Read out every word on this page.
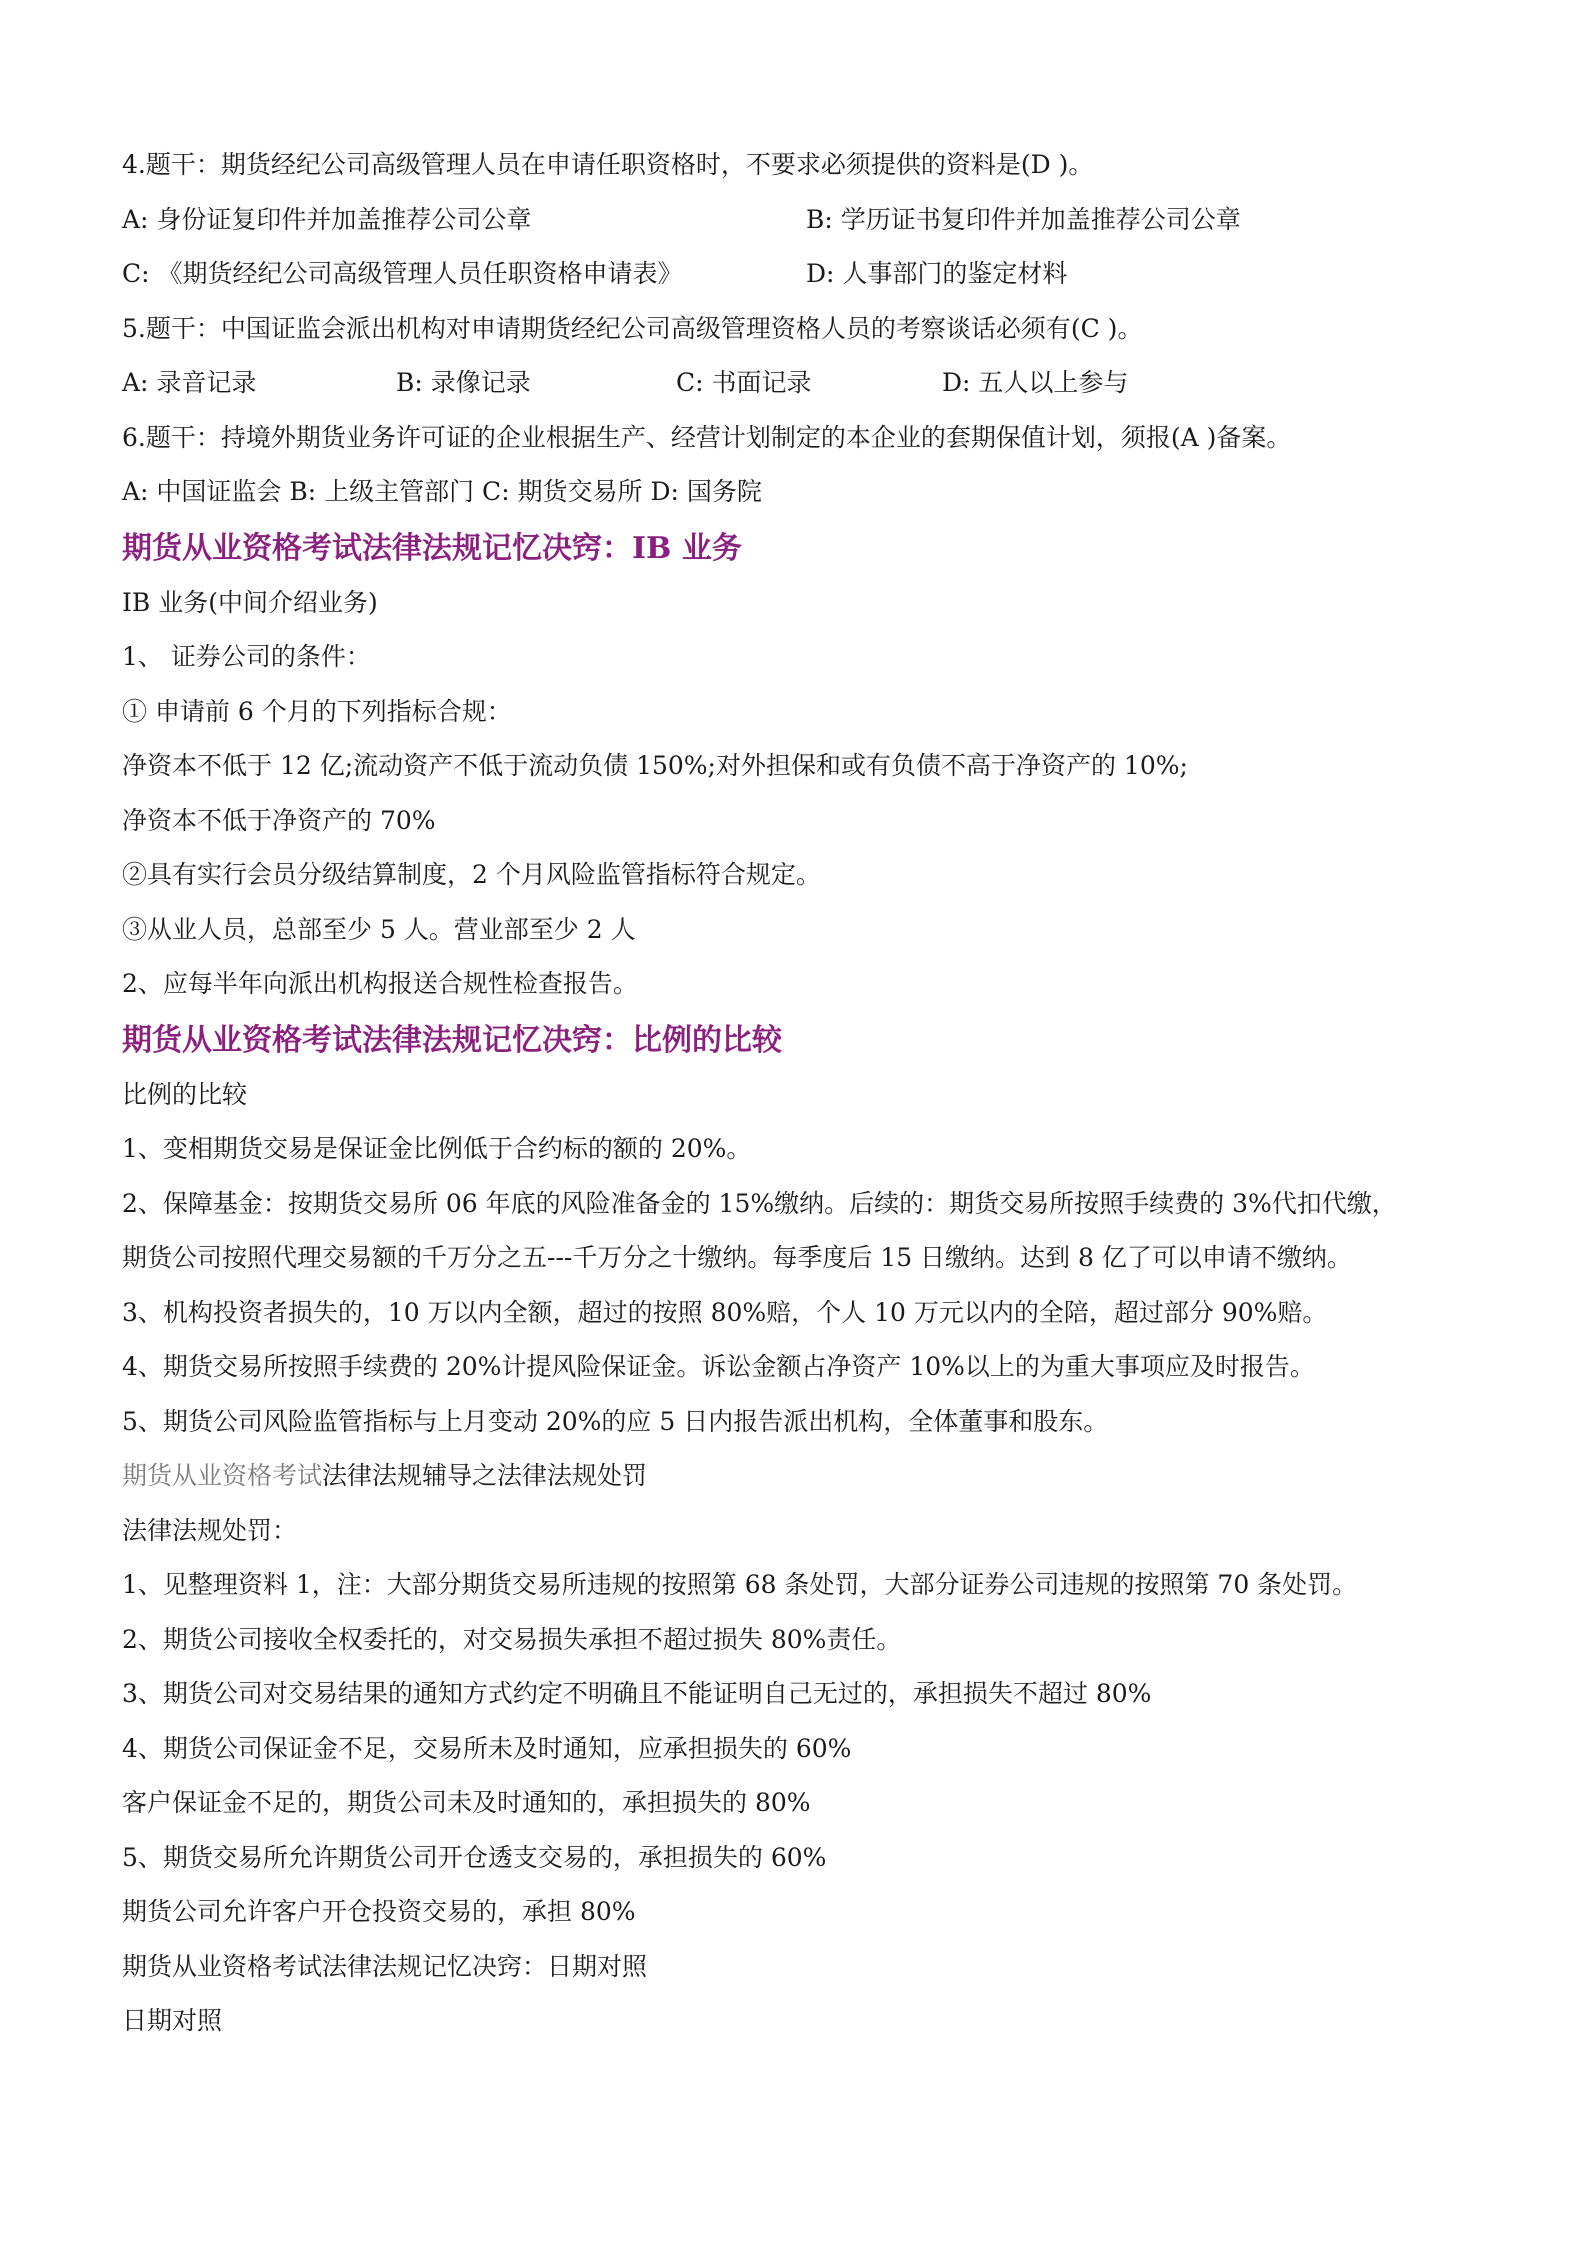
4.题干：期货经纪公司高级管理人员在申请任职资格时，不要求必须提供的资料是(D )。
A: 身份证复印件并加盖推荐公司公章	B: 学历证书复印件并加盖推荐公司公章
C: 《期货经纪公司高级管理人员任职资格申请表》	D: 人事部门的鉴定材料
5.题干：中国证监会派出机构对申请期货经纪公司高级管理资格人员的考察谈话必须有(C )。
A: 录音记录	B: 录像记录	C: 书面记录	D: 五人以上参与
6.题干：持境外期货业务许可证的企业根据生产、经营计划制定的本企业的套期保值计划，须报(A )备案。
A: 中国证监会 B: 上级主管部门 C: 期货交易所 D: 国务院
期货从业资格考试法律法规记忆决窍：IB 业务
IB 业务(中间介绍业务)
1、 证券公司的条件：
① 申请前 6 个月的下列指标合规：
净资本不低于 12 亿;流动资产不低于流动负债 150%;对外担保和或有负债不高于净资产的 10%;
净资本不低于净资产的 70%
②具有实行会员分级结算制度，2 个月风险监管指标符合规定。
③从业人员，总部至少 5 人。营业部至少 2 人
2、应每半年向派出机构报送合规性检查报告。
期货从业资格考试法律法规记忆决窍：比例的比较
比例的比较
1、变相期货交易是保证金比例低于合约标的额的 20%。
2、保障基金：按期货交易所 06 年底的风险准备金的 15%缴纳。后续的：期货交易所按照手续费的 3%代扣代缴，
期货公司按照代理交易额的千万分之五---千万分之十缴纳。每季度后 15 日缴纳。达到 8 亿了可以申请不缴纳。
3、机构投资者损失的，10 万以内全额，超过的按照 80%赔，个人 10 万元以内的全陪，超过部分 90%赔。
4、期货交易所按照手续费的 20%计提风险保证金。诉讼金额占净资产 10%以上的为重大事项应及时报告。
5、期货公司风险监管指标与上月变动 20%的应 5 日内报告派出机构，全体董事和股东。
期货从业资格考试法律法规辅导之法律法规处罚
法律法规处罚：
1、见整理资料 1，注：大部分期货交易所违规的按照第 68 条处罚，大部分证券公司违规的按照第 70 条处罚。
2、期货公司接收全权委托的，对交易损失承担不超过损失 80%责任。
3、期货公司对交易结果的通知方式约定不明确且不能证明自己无过的，承担损失不超过 80%
4、期货公司保证金不足，交易所未及时通知，应承担损失的 60%
客户保证金不足的，期货公司未及时通知的，承担损失的 80%
5、期货交易所允许期货公司开仓透支交易的，承担损失的 60%
期货公司允许客户开仓投资交易的，承担 80%
期货从业资格考试法律法规记忆决窍：日期对照
日期对照
